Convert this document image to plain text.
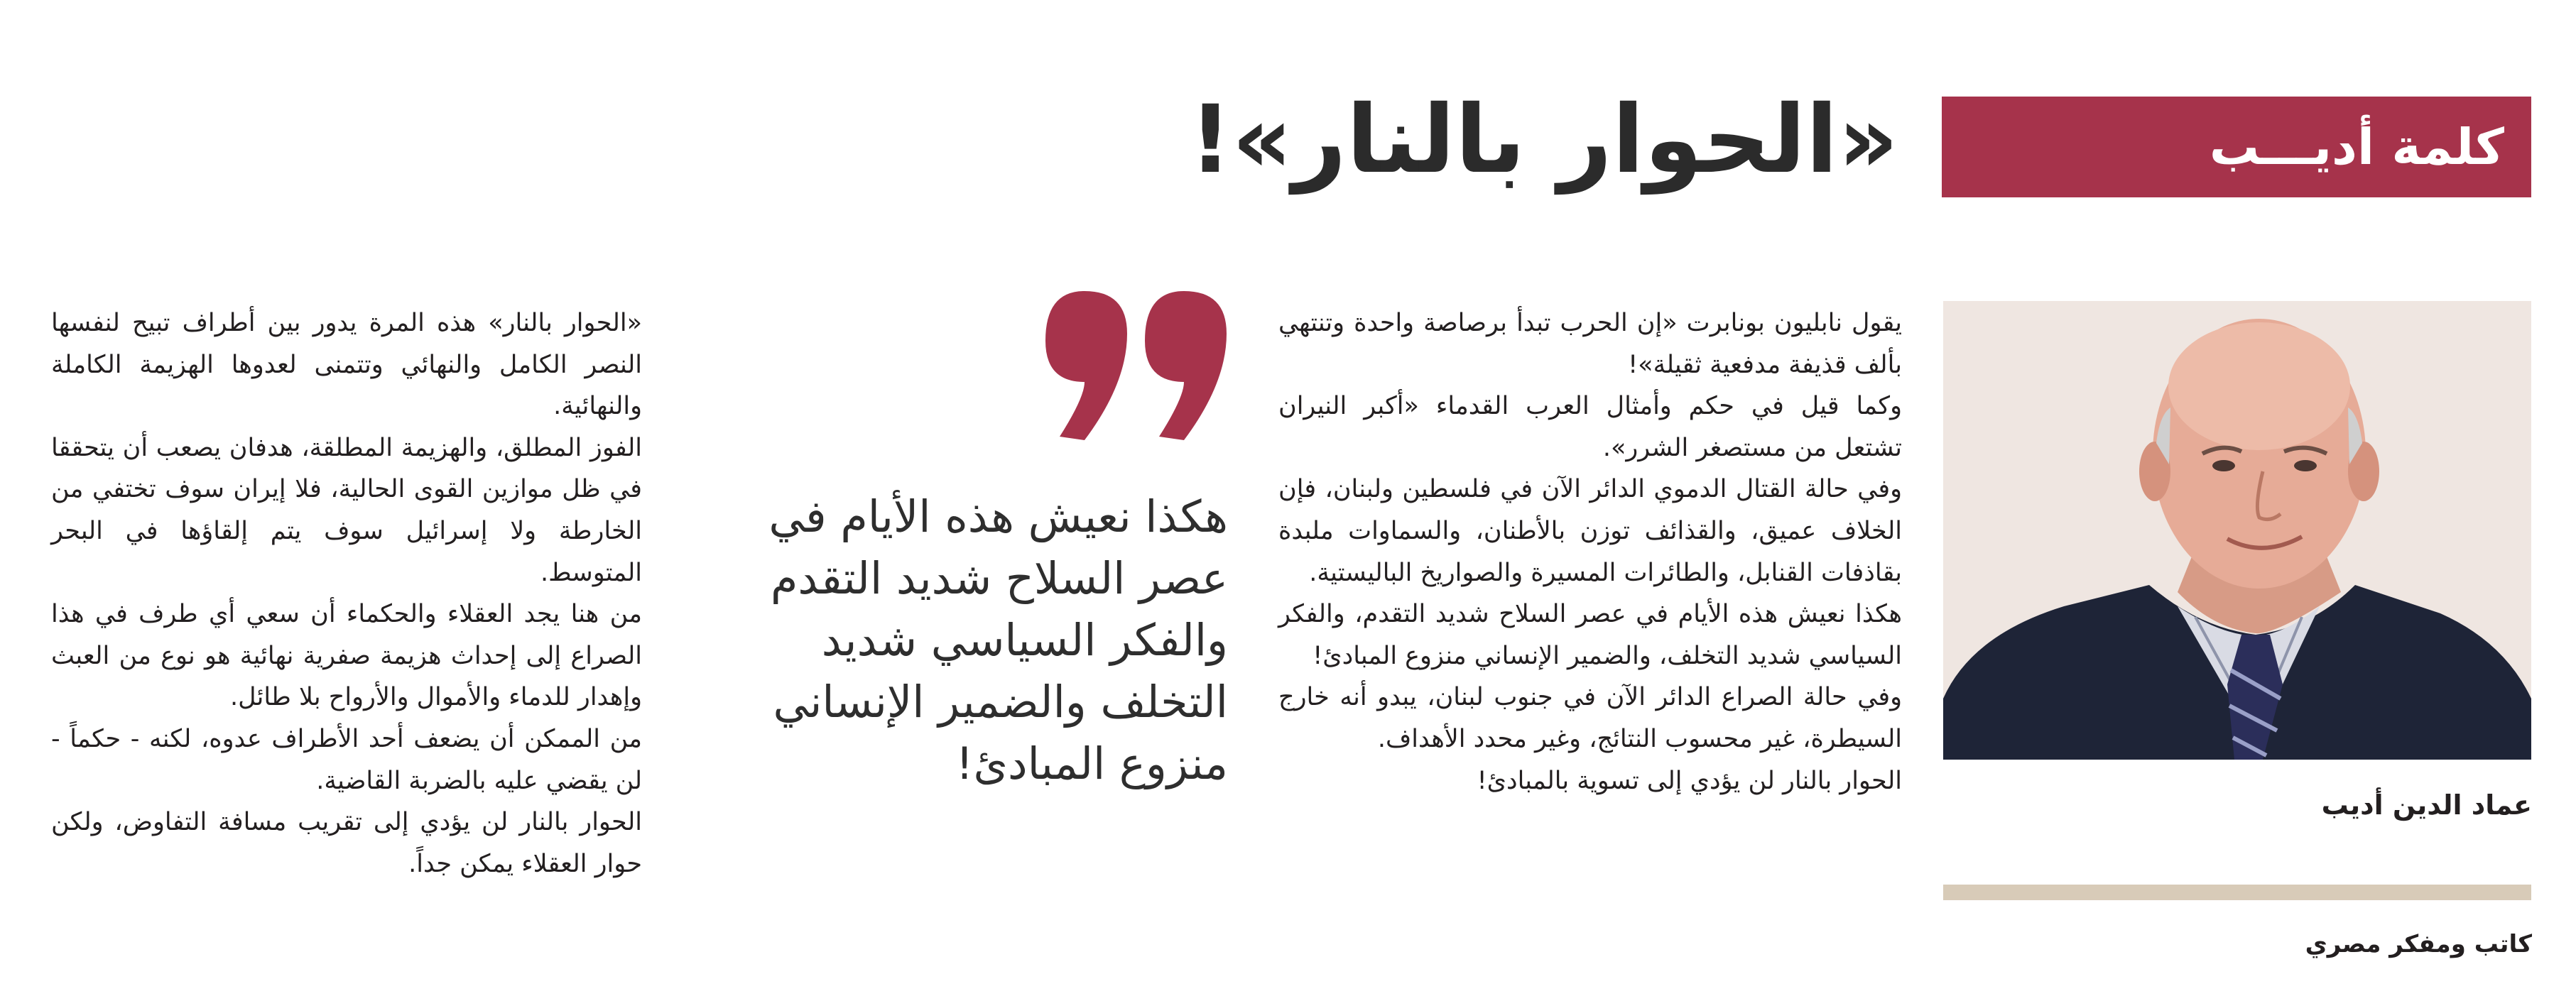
كلمة أديـــب
«الحوار بالنار»!
عماد الدين أديب
كاتب ومفكر مصري

يقول نابليون بونابرت «إن الحرب تبدأ برصاصة واحدة وتنتهي بألف قذيفة مدفعية ثقيلة»!

وكما قيل في حكم وأمثال العرب القدماء «أكبر النيران تشتعل من مستصغر الشرر».

وفي حالة القتال الدموي الدائر الآن في فلسطين ولبنان، فإن الخلاف عميق، والقذائف توزن بالأطنان، والسماوات ملبدة بقاذفات القنابل، والطائرات المسيرة والصواريخ الباليستية.

هكذا نعيش هذه الأيام في عصر السلاح شديد التقدم، والفكر السياسي شديد التخلف، والضمير الإنساني منزوع المبادئ!

وفي حالة الصراع الدائر الآن في جنوب لبنان، يبدو أنه خارج السيطرة، غير محسوب النتائج، وغير محدد الأهداف.

الحوار بالنار لن يؤدي إلى تسوية بالمبادئ!

هكذا نعيش هذه الأيام في عصر السلاح شديد التقدم والفكر السياسي شديد التخلف والضمير الإنساني منزوع المبادئ!

«الحوار بالنار» هذه المرة يدور بين أطراف تبيح لنفسها النصر الكامل والنهائي وتتمنى لعدوها الهزيمة الكاملة والنهائية.

الفوز المطلق، والهزيمة المطلقة، هدفان يصعب أن يتحققا في ظل موازين القوى الحالية، فلا إيران سوف تختفي من الخارطة ولا إسرائيل سوف يتم إلقاؤها في البحر المتوسط.

من هنا يجد العقلاء والحكماء أن سعي أي طرف في هذا الصراع إلى إحداث هزيمة صفرية نهائية هو نوع من العبث وإهدار للدماء والأموال والأرواح بلا طائل.

من الممكن أن يضعف أحد الأطراف عدوه، لكنه - حكماً - لن يقضي عليه بالضربة القاضية.

الحوار بالنار لن يؤدي إلى تقريب مسافة التفاوض، ولكن حوار العقلاء يمكن جداً.
